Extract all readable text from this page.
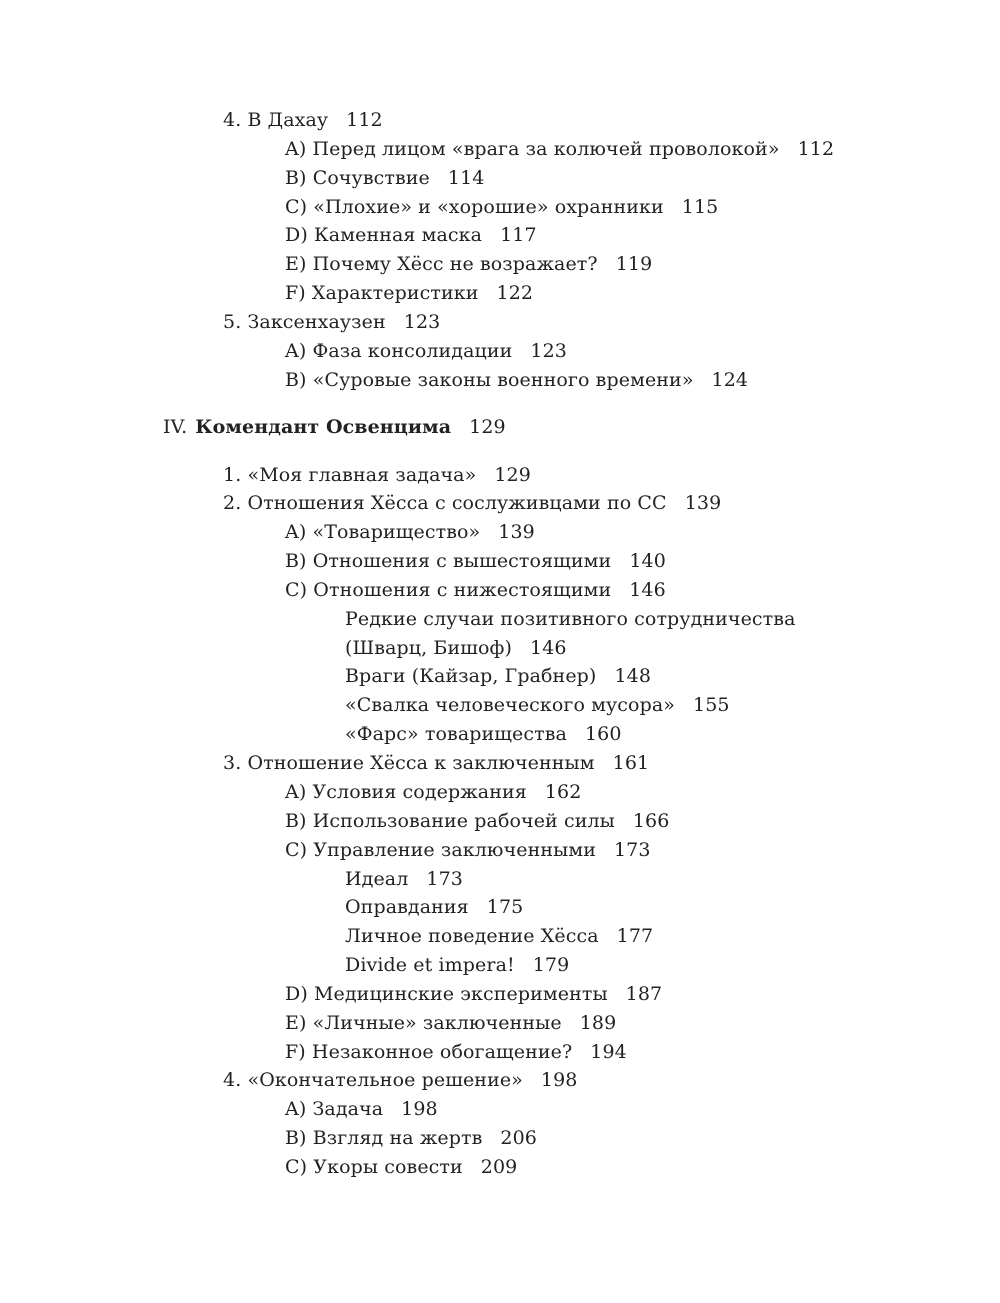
4. В Дахау 112
A) Перед лицом «врага за колючей проволокой» 112
B) Сочувствие 114
C) «Плохие» и «хорошие» охранники 115
D) Каменная маска 117
E) Почему Хёсс не возражает? 119
F) Характеристики 122
5. Заксенхаузен 123
A) Фаза консолидации 123
B) «Суровые законы военного времени» 124
IV. Комендант Освенцима 129
1. «Моя главная задача» 129
2. Отношения Хёсса с сослуживцами по СС 139
A) «Товарищество» 139
B) Отношения с вышестоящими 140
C) Отношения с нижестоящими 146
Редкие случаи позитивного сотрудничества
(Шварц, Бишоф) 146
Враги (Кайзар, Грабнер) 148
«Свалка человеческого мусора» 155
«Фарс» товарищества 160
3. Отношение Хёсса к заключенным 161
A) Условия содержания 162
B) Использование рабочей силы 166
C) Управление заключенными 173
Идеал 173
Оправдания 175
Личное поведение Хёсса 177
Divide et impera! 179
D) Медицинские эксперименты 187
E) «Личные» заключенные 189
F) Незаконное обогащение? 194
4. «Окончательное решение» 198
A) Задача 198
B) Взгляд на жертв 206
C) Укоры совести 209
